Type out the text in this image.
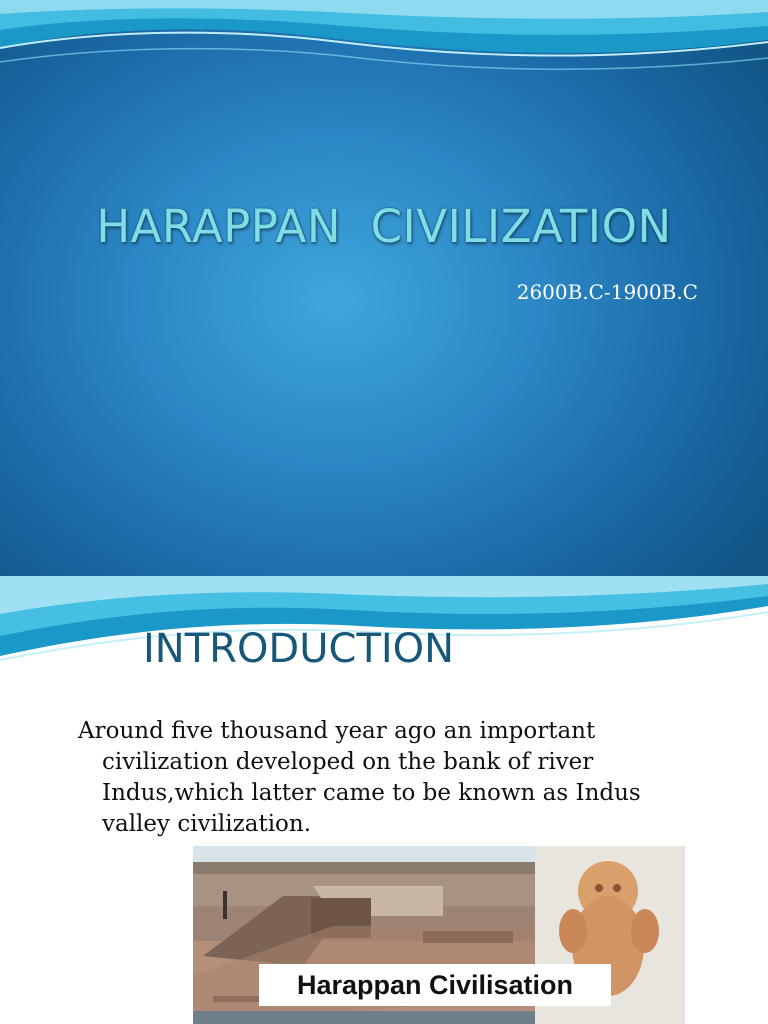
HARAPPAN  CIVILIZATION
2600B.C-1900B.C
INTRODUCTION
Around five thousand year ago an important civilization developed on the bank of river Indus,which latter came to be known as Indus valley civilization.
Harappan Civilisation
